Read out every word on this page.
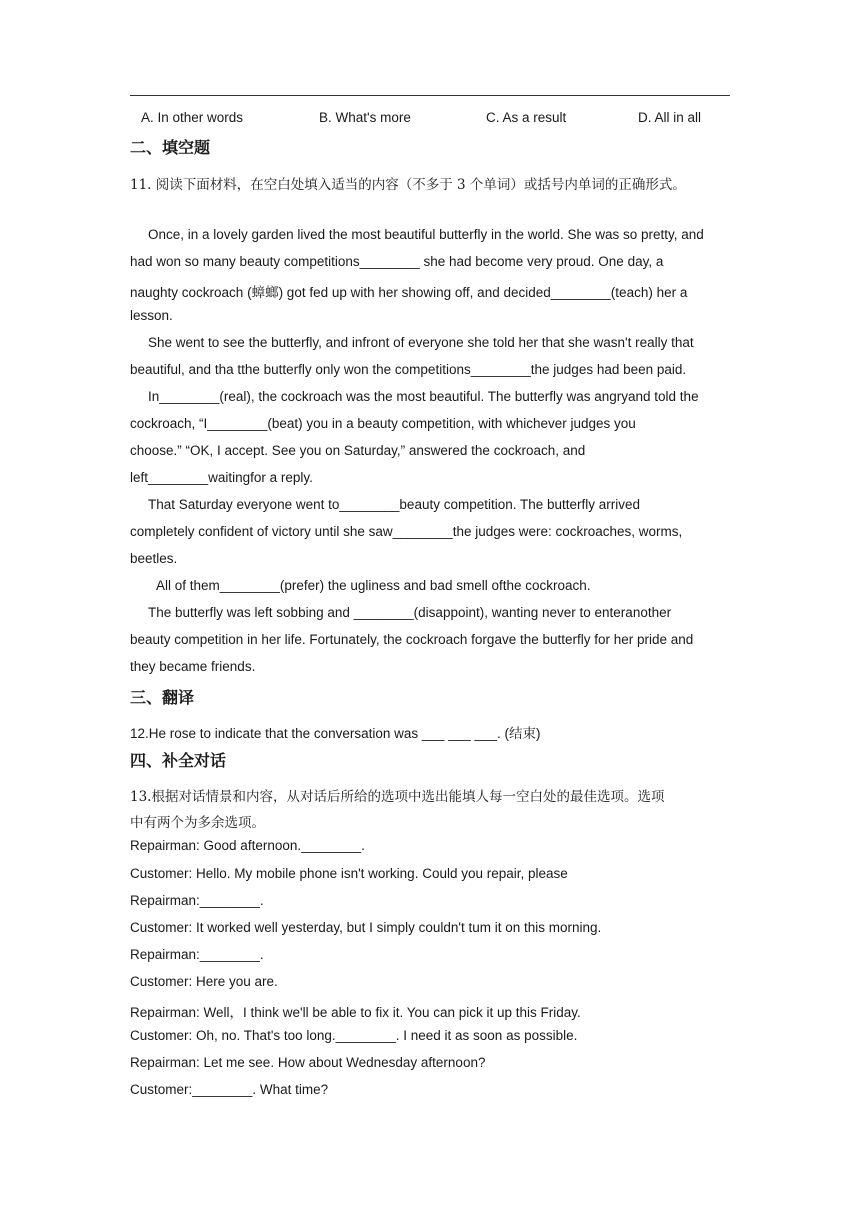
A. In other words	B. What's more	C. As a result	D. All in all
二、填空题
11. 阅读下面材料，在空白处填入适当的内容（不多于 3 个单词）或括号内单词的正确形式。
Once, in a lovely garden lived the most beautiful butterfly in the world. She was so pretty, and
had won so many beauty competitions________ she had become very proud. One day, a
naughty cockroach (蟑螂) got fed up with her showing off, and decided________(teach) her a
lesson.
She went to see the butterfly, and infront of everyone she told her that she wasn't really that
beautiful, and tha tthe butterfly only won the competitions________the judges had been paid.
In________(real), the cockroach was the most beautiful. The butterfly was angryand told the
cockroach, “I________(beat) you in a beauty competition, with whichever judges you
choose.” “OK, I accept. See you on Saturday,” answered the cockroach, and
left________waitingfor a reply.
That Saturday everyone went to________beauty competition. The butterfly arrived
completely confident of victory until she saw________the judges were: cockroaches, worms,
beetles.
All of them________(prefer) the ugliness and bad smell ofthe cockroach.
The butterfly was left sobbing and ________(disappoint), wanting never to enteranother
beauty competition in her life. Fortunately, the cockroach forgave the butterfly for her pride and
they became friends.
三、翻译
12.He rose to indicate that the conversation was ___ ___ ___. (结束)
四、补全对话
13.根据对话情景和内容，从对话后所给的选项中选出能填人每一空白处的最佳选项。选项
中有两个为多余选项。
Repairman: Good afternoon.________.
Customer: Hello. My mobile phone isn't working. Could you repair, please
Repairman:________.
Customer: It worked well yesterday, but I simply couldn't tum it on this morning.
Repairman:________.
Customer: Here you are.
Repairman: Well，I think we'll be able to fix it. You can pick it up this Friday.
Customer: Oh, no. That's too long.________. I need it as soon as possible.
Repairman: Let me see. How about Wednesday afternoon?
Customer:________. What time?
